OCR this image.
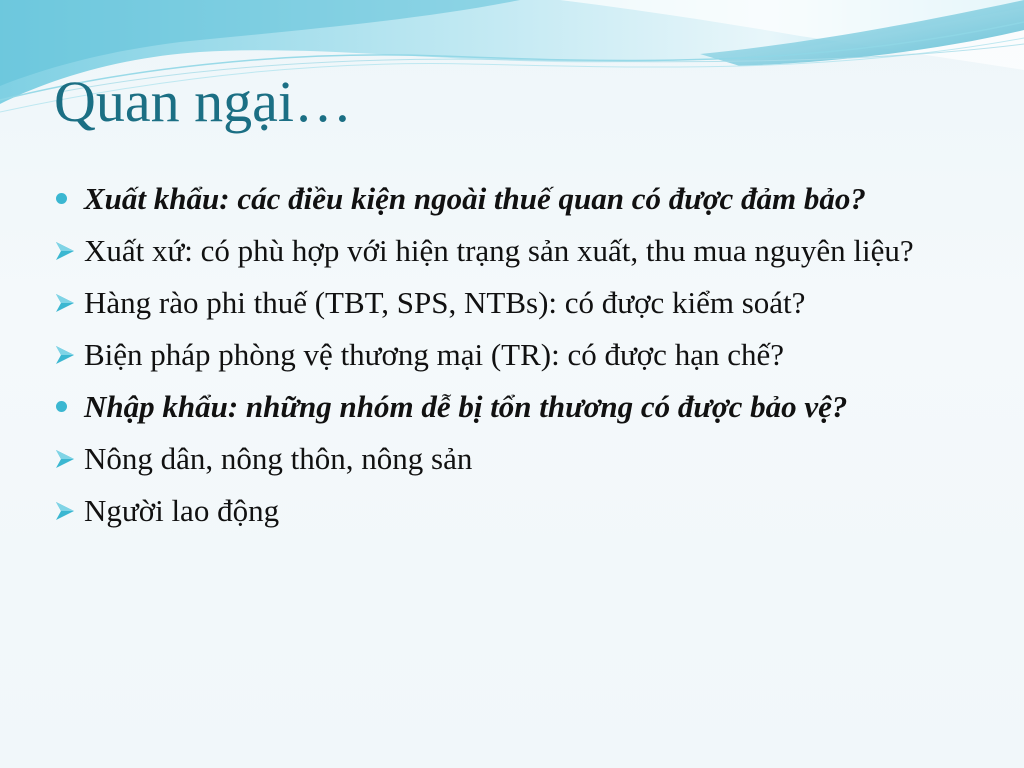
Quan ngại…
Xuất khẩu: các điều kiện ngoài thuế quan có được đảm bảo?
Xuất xứ: có phù hợp với hiện trạng sản xuất, thu mua nguyên liệu?
Hàng rào phi thuế (TBT, SPS, NTBs): có được kiểm soát?
Biện pháp phòng vệ thương mại (TR): có được hạn chế?
Nhập khẩu: những nhóm dễ bị tổn thương có được bảo vệ?
Nông dân, nông thôn, nông sản
Người lao động
